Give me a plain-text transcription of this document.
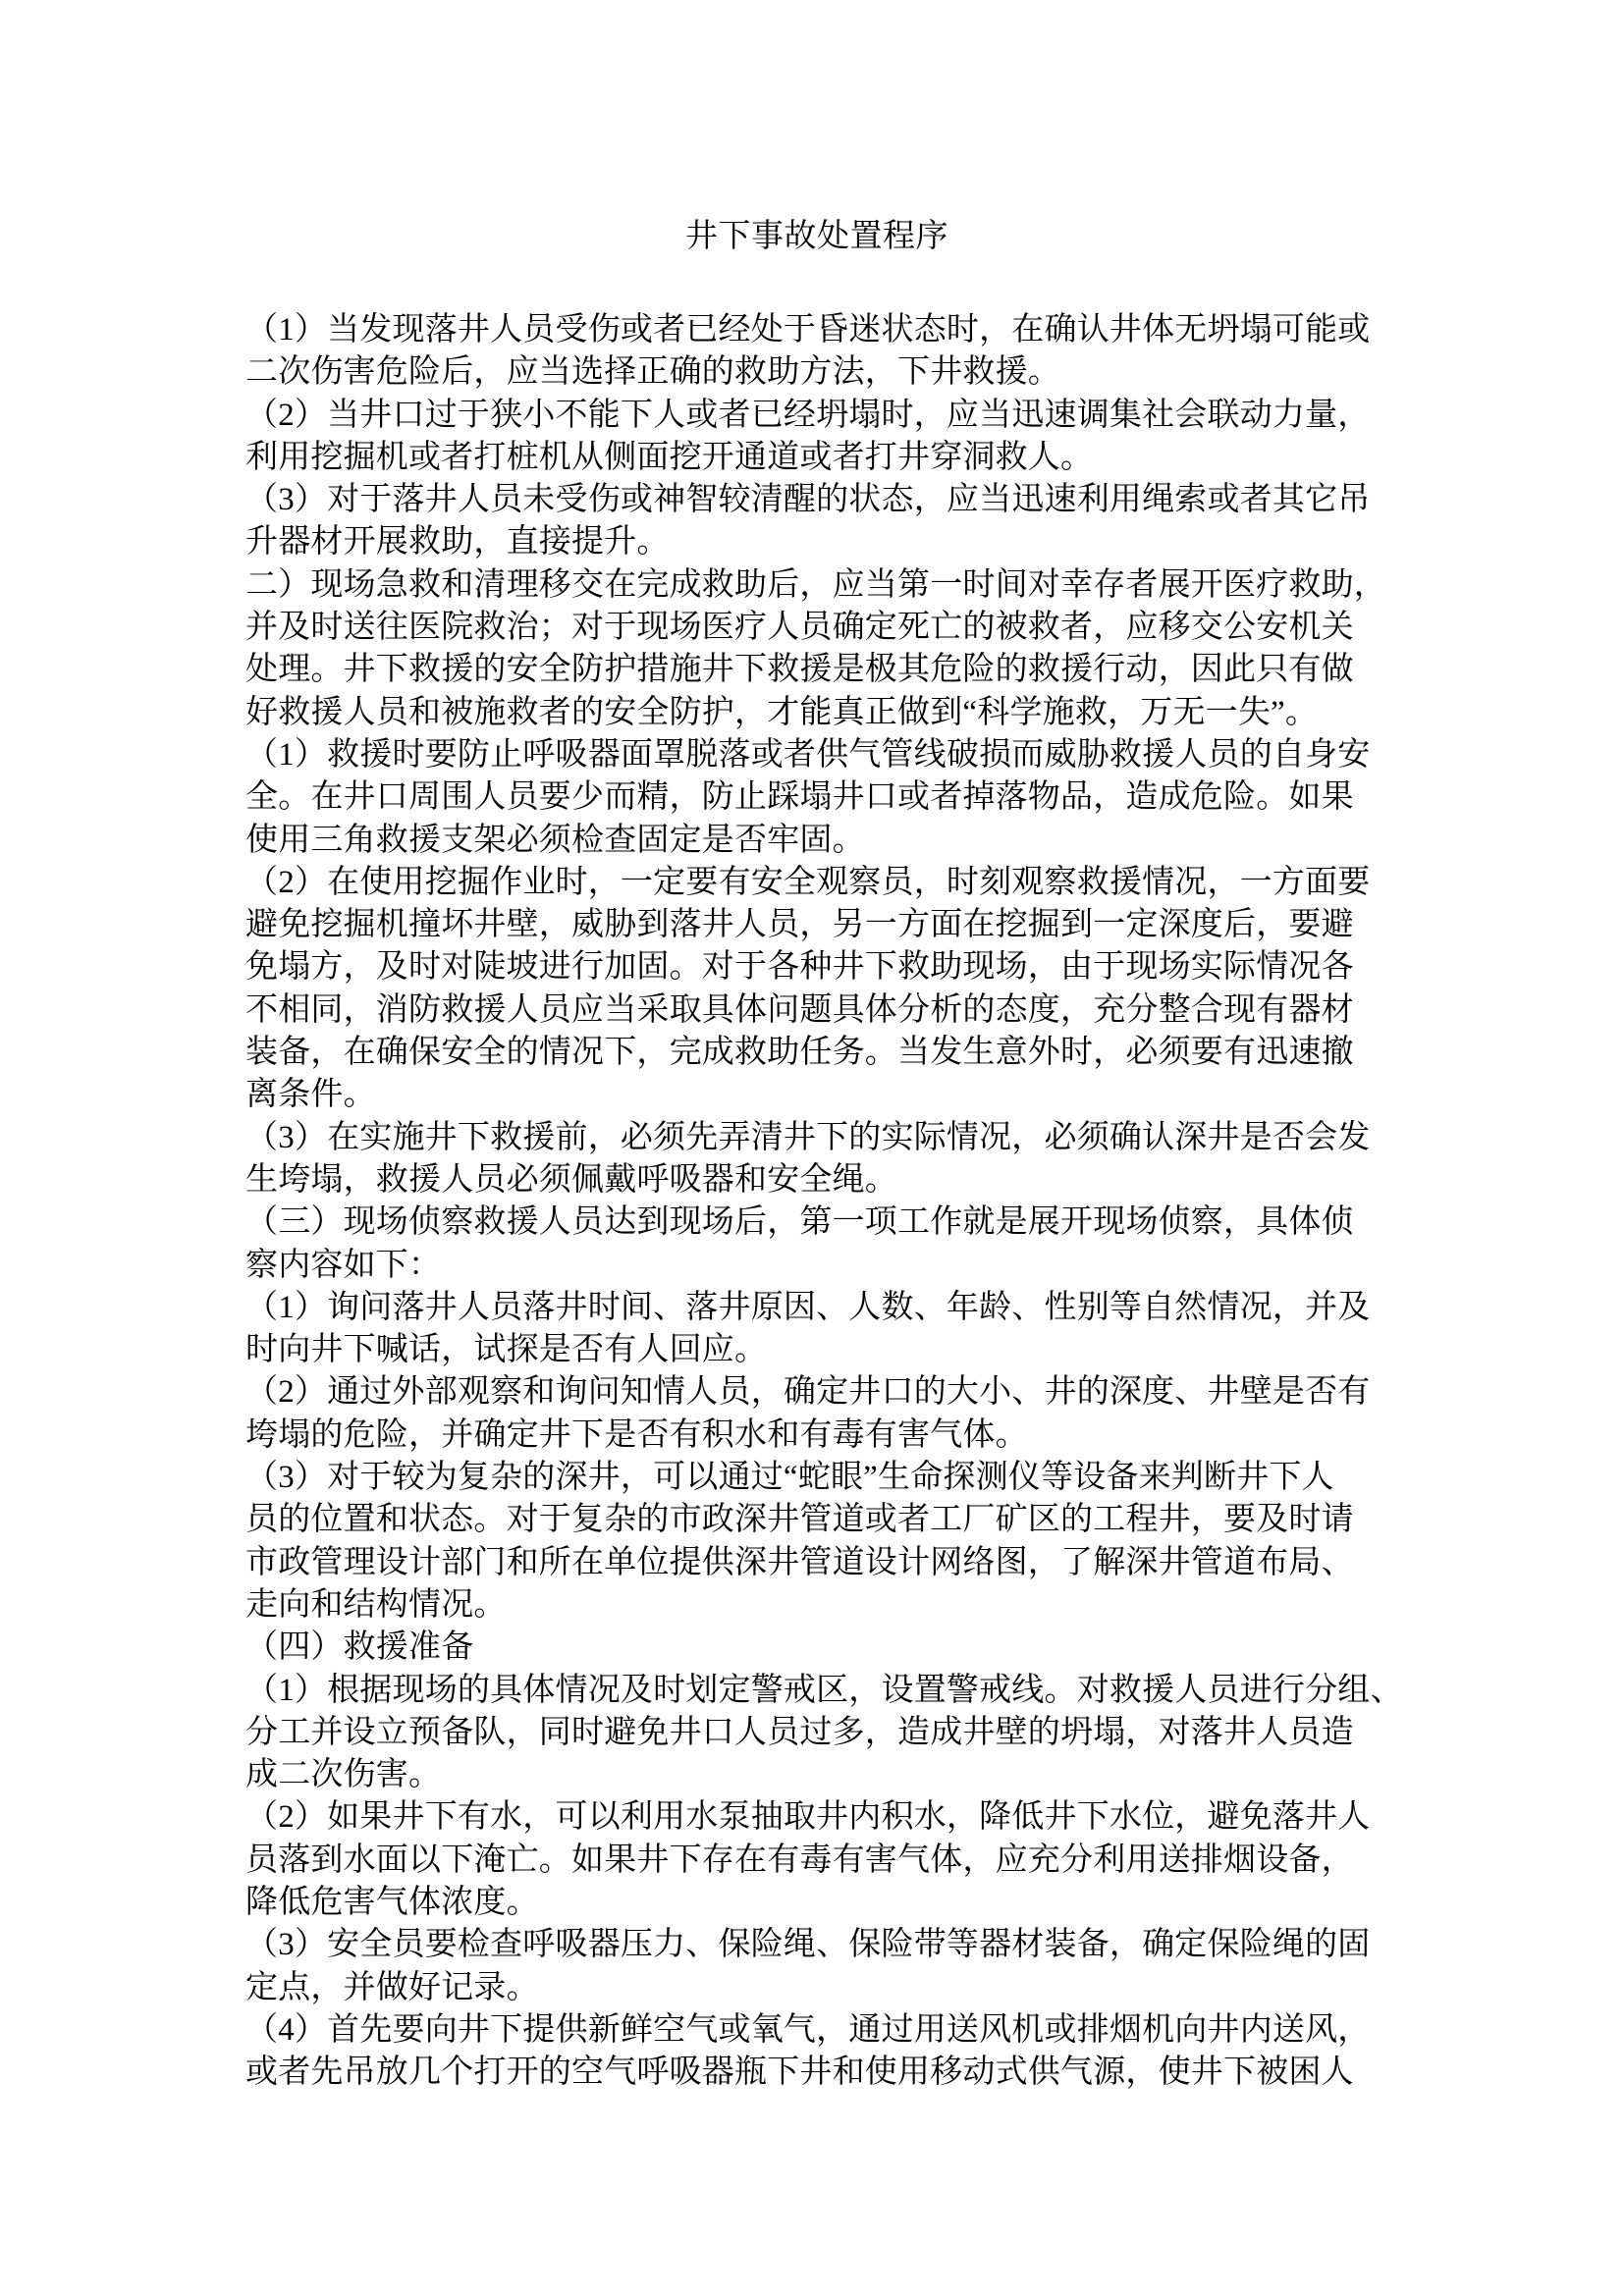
井下事故处置程序
（1）当发现落井人员受伤或者已经处于昏迷状态时，在确认井体无坍塌可能或
二次伤害危险后，应当选择正确的救助方法，下井救援。
（2）当井口过于狭小不能下人或者已经坍塌时，应当迅速调集社会联动力量，
利用挖掘机或者打桩机从侧面挖开通道或者打井穿洞救人。
（3）对于落井人员未受伤或神智较清醒的状态，应当迅速利用绳索或者其它吊
升器材开展救助，直接提升。
二）现场急救和清理移交在完成救助后，应当第一时间对幸存者展开医疗救助，
并及时送往医院救治；对于现场医疗人员确定死亡的被救者，应移交公安机关
处理。井下救援的安全防护措施井下救援是极其危险的救援行动，因此只有做
好救援人员和被施救者的安全防护，才能真正做到“科学施救，万无一失”。
（1）救援时要防止呼吸器面罩脱落或者供气管线破损而威胁救援人员的自身安
全。在井口周围人员要少而精，防止踩塌井口或者掉落物品，造成危险。如果
使用三角救援支架必须检查固定是否牢固。
（2）在使用挖掘作业时，一定要有安全观察员，时刻观察救援情况，一方面要
避免挖掘机撞坏井壁，威胁到落井人员，另一方面在挖掘到一定深度后，要避
免塌方，及时对陡坡进行加固。对于各种井下救助现场，由于现场实际情况各
不相同，消防救援人员应当采取具体问题具体分析的态度，充分整合现有器材
装备，在确保安全的情况下，完成救助任务。当发生意外时，必须要有迅速撤
离条件。
（3）在实施井下救援前，必须先弄清井下的实际情况，必须确认深井是否会发
生垮塌，救援人员必须佩戴呼吸器和安全绳。
（三）现场侦察救援人员达到现场后，第一项工作就是展开现场侦察，具体侦
察内容如下：
（1）询问落井人员落井时间、落井原因、人数、年龄、性别等自然情况，并及
时向井下喊话，试探是否有人回应。
（2）通过外部观察和询问知情人员，确定井口的大小、井的深度、井壁是否有
垮塌的危险，并确定井下是否有积水和有毒有害气体。
（3）对于较为复杂的深井，可以通过“蛇眼”生命探测仪等设备来判断井下人
员的位置和状态。对于复杂的市政深井管道或者工厂矿区的工程井，要及时请
市政管理设计部门和所在单位提供深井管道设计网络图，了解深井管道布局、
走向和结构情况。
（四）救援准备
（1）根据现场的具体情况及时划定警戒区，设置警戒线。对救援人员进行分组、
分工并设立预备队，同时避免井口人员过多，造成井壁的坍塌，对落井人员造
成二次伤害。
（2）如果井下有水，可以利用水泵抽取井内积水，降低井下水位，避免落井人
员落到水面以下淹亡。如果井下存在有毒有害气体，应充分利用送排烟设备，
降低危害气体浓度。
（3）安全员要检查呼吸器压力、保险绳、保险带等器材装备，确定保险绳的固
定点，并做好记录。
（4）首先要向井下提供新鲜空气或氧气，通过用送风机或排烟机向井内送风，
或者先吊放几个打开的空气呼吸器瓶下井和使用移动式供气源，使井下被困人
